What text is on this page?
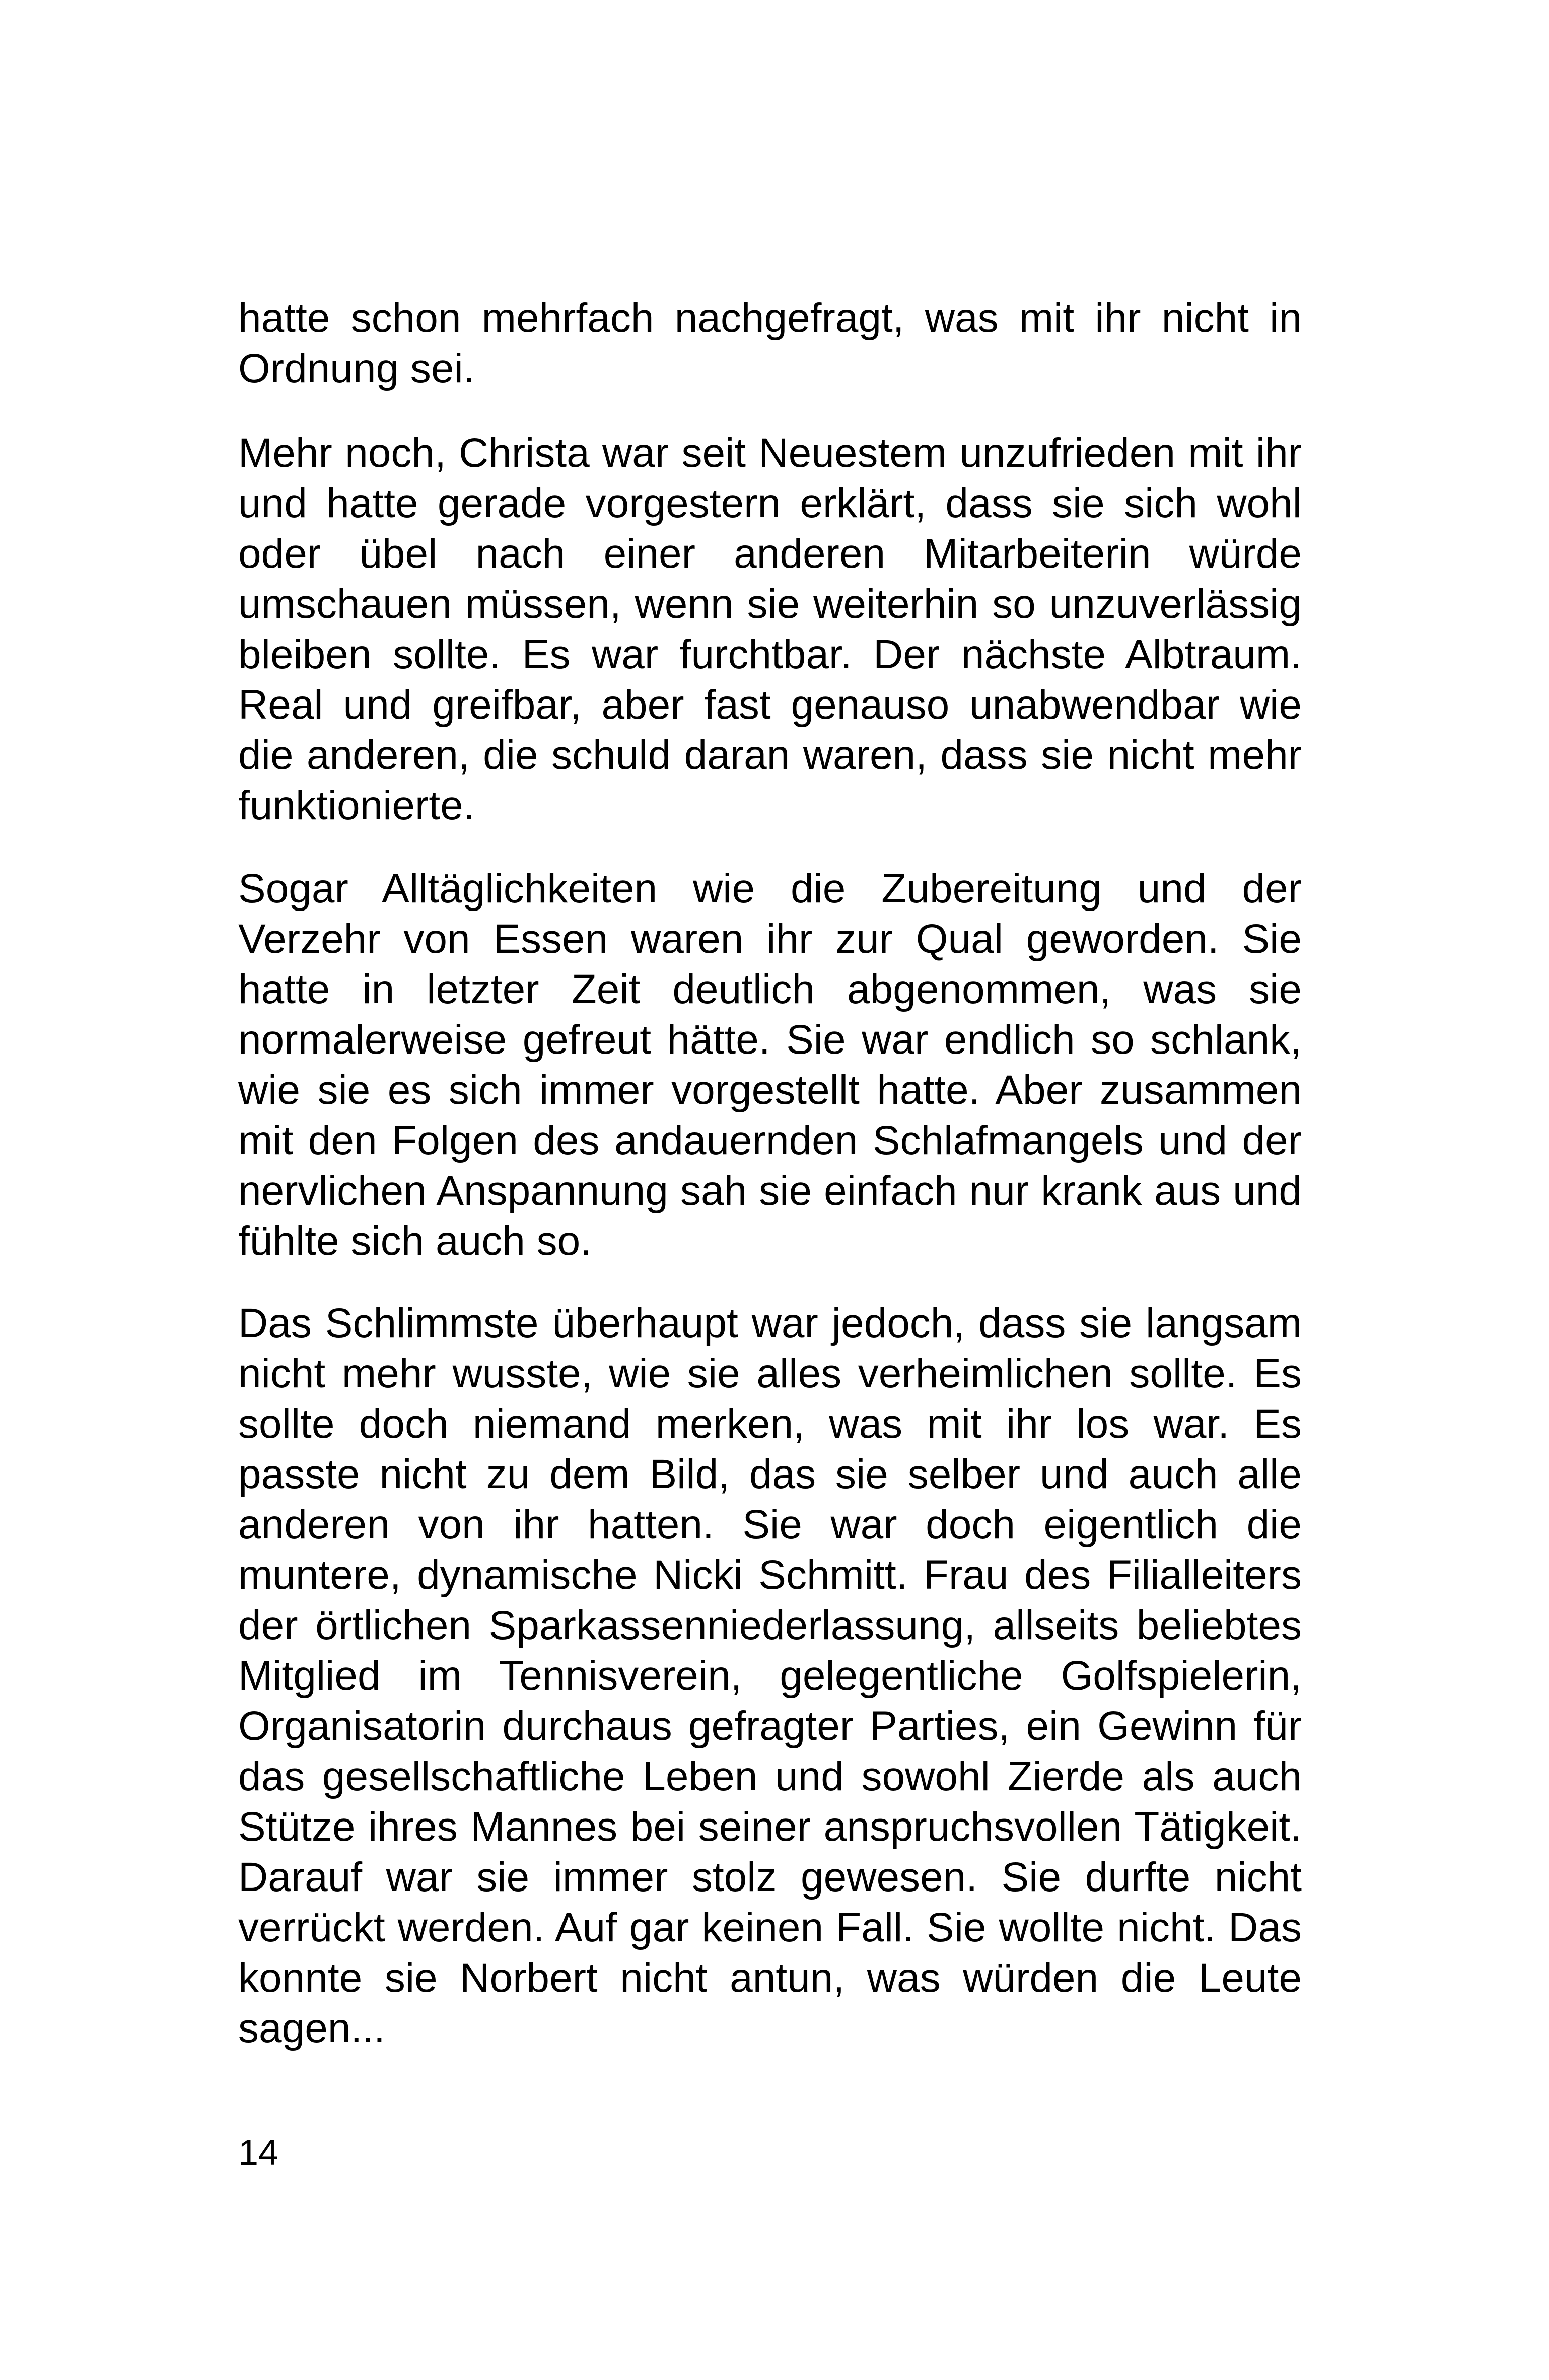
hatte schon mehrfach nachgefragt, was mit ihr nicht in Ordnung sei.

Mehr noch, Christa war seit Neuestem unzufrieden mit ihr und hatte gerade vorgestern erklärt, dass sie sich wohl oder übel nach einer anderen Mitarbeiterin würde umschauen müssen, wenn sie weiterhin so unzuverlässig bleiben sollte. Es war furchtbar. Der nächste Albtraum. Real und greifbar, aber fast genauso unabwendbar wie die anderen, die schuld daran waren, dass sie nicht mehr funktionierte.

Sogar Alltäglichkeiten wie die Zubereitung und der Verzehr von Essen waren ihr zur Qual geworden. Sie hatte in letzter Zeit deutlich abgenommen, was sie normalerweise gefreut hätte. Sie war endlich so schlank, wie sie es sich immer vorgestellt hatte. Aber zusammen mit den Folgen des andauernden Schlafmangels und der nervlichen Anspannung sah sie einfach nur krank aus und fühlte sich auch so.

Das Schlimmste überhaupt war jedoch, dass sie langsam nicht mehr wusste, wie sie alles verheimlichen sollte. Es sollte doch niemand merken, was mit ihr los war. Es passte nicht zu dem Bild, das sie selber und auch alle anderen von ihr hatten. Sie war doch eigentlich die muntere, dynamische Nicki Schmitt. Frau des Filialleiters der örtlichen Sparkassenniederlassung, allseits beliebtes Mitglied im Tennisverein, gelegentliche Golfspielerin, Organisatorin durchaus gefragter Parties, ein Gewinn für das gesellschaftliche Leben und sowohl Zierde als auch Stütze ihres Mannes bei seiner anspruchsvollen Tätigkeit. Darauf war sie immer stolz gewesen. Sie durfte nicht verrückt werden. Auf gar keinen Fall. Sie wollte nicht. Das konnte sie Norbert nicht antun, was würden die Leute sagen...

14
